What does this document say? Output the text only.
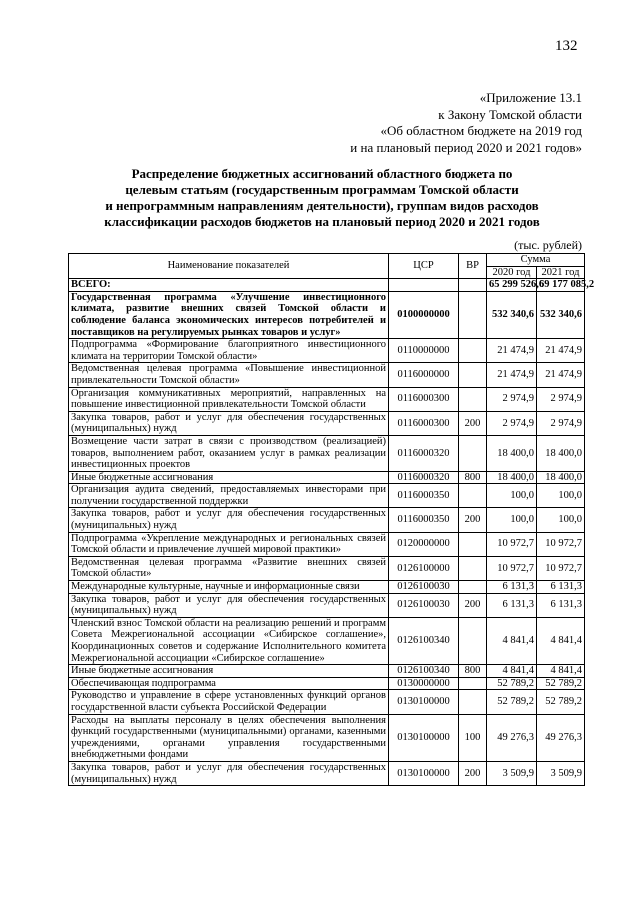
132
«Приложение 13.1
к Закону Томской области
«Об областном бюджете на 2019 год
и на плановый период 2020 и 2021 годов»
Распределение бюджетных ассигнований областного бюджета по
целевым статьям (государственным программам Томской области
и непрограммным направлениям деятельности), группам видов расходов
классификации расходов бюджетов на плановый период 2020 и 2021 годов
(тыс. рублей)
Наименование показателей	ЦСР	ВР	Сумма	
			2020 год	2021 год
ВСЕГО:			65 299 526,6	69 177 085,2
Государственная программа «Улучшение инвестиционного климата, развитие внешних связей Томской области и соблюдение баланса экономических интересов потребителей и поставщиков на регулируемых рынках товаров и услуг»	0100000000		532 340,6	532 340,6
Подпрограмма «Формирование благоприятного инвестиционного климата на территории Томской области»	0110000000		21 474,9	21 474,9
Ведомственная целевая программа «Повышение инвестиционной привлекательности Томской области»	0116000000		21 474,9	21 474,9
Организация коммуникативных мероприятий, направленных на повышение инвестиционной привлекательности Томской области	0116000300		2 974,9	2 974,9
Закупка товаров, работ и услуг для обеспечения государственных (муниципальных) нужд	0116000300	200	2 974,9	2 974,9
Возмещение части затрат в связи с производством (реализацией) товаров, выполнением работ, оказанием услуг в рамках реализации инвестиционных проектов	0116000320		18 400,0	18 400,0
Иные бюджетные ассигнования	0116000320	800	18 400,0	18 400,0
Организация аудита сведений, предоставляемых инвесторами при получении государственной поддержки	0116000350		100,0	100,0
Закупка товаров, работ и услуг для обеспечения государственных (муниципальных) нужд	0116000350	200	100,0	100,0
Подпрограмма «Укрепление международных и региональных связей Томской области и привлечение лучшей мировой практики»	0120000000		10 972,7	10 972,7
Ведомственная целевая программа «Развитие внешних связей Томской области»	0126100000		10 972,7	10 972,7
Международные культурные, научные и информационные связи	0126100030		6 131,3	6 131,3
Закупка товаров, работ и услуг для обеспечения государственных (муниципальных) нужд	0126100030	200	6 131,3	6 131,3
Членский взнос Томской области на реализацию решений и программ Совета Межрегиональной ассоциации «Сибирское соглашение», Координационных советов и содержание Исполнительного комитета Межрегиональной ассоциации «Сибирское соглашение»	0126100340		4 841,4	4 841,4
Иные бюджетные ассигнования	0126100340	800	4 841,4	4 841,4
Обеспечивающая подпрограмма	0130000000		52 789,2	52 789,2
Руководство и управление в сфере установленных функций органов государственной власти субъекта Российской Федерации	0130100000		52 789,2	52 789,2
Расходы на выплаты персоналу в целях обеспечения выполнения функций государственными (муниципальными) органами, казенными учреждениями, органами управления государственными внебюджетными фондами	0130100000	100	49 276,3	49 276,3
Закупка товаров, работ и услуг для обеспечения государственных (муниципальных) нужд	0130100000	200	3 509,9	3 509,9
